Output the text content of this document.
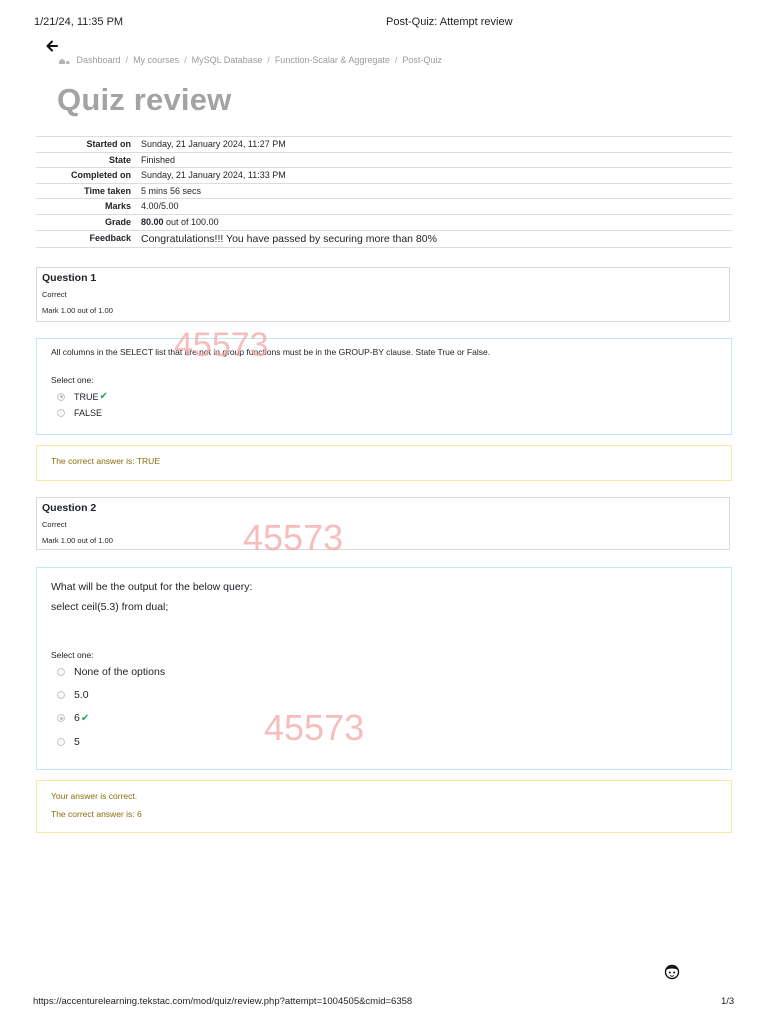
1/21/24, 11:35 PM	Post-Quiz: Attempt review
Dashboard / My courses / MySQL Database / Function-Scalar & Aggregate / Post-Quiz
Quiz review
Started on	Sunday, 21 January 2024, 11:27 PM
State	Finished
Completed on	Sunday, 21 January 2024, 11:33 PM
Time taken	5 mins 56 secs
Marks	4.00/5.00
Grade	80.00 out of 100.00
Feedback	Congratulations!!! You have passed by securing more than 80%
Question 1
Correct
Mark 1.00 out of 1.00
All columns in the SELECT list that are not in group functions must be in the GROUP-BY clause. State True or False.
Select one:
TRUE ✔
FALSE
The correct answer is: TRUE
Question 2
Correct
Mark 1.00 out of 1.00
What will be the output for the below query:
select ceil(5.3) from dual;
Select one:
None of the options
5.0
6 ✔
5
Your answer is correct.
The correct answer is: 6
45573
45573
45573
https://accenturelearning.tekstac.com/mod/quiz/review.php?attempt=1004505&cmid=6358	1/3
